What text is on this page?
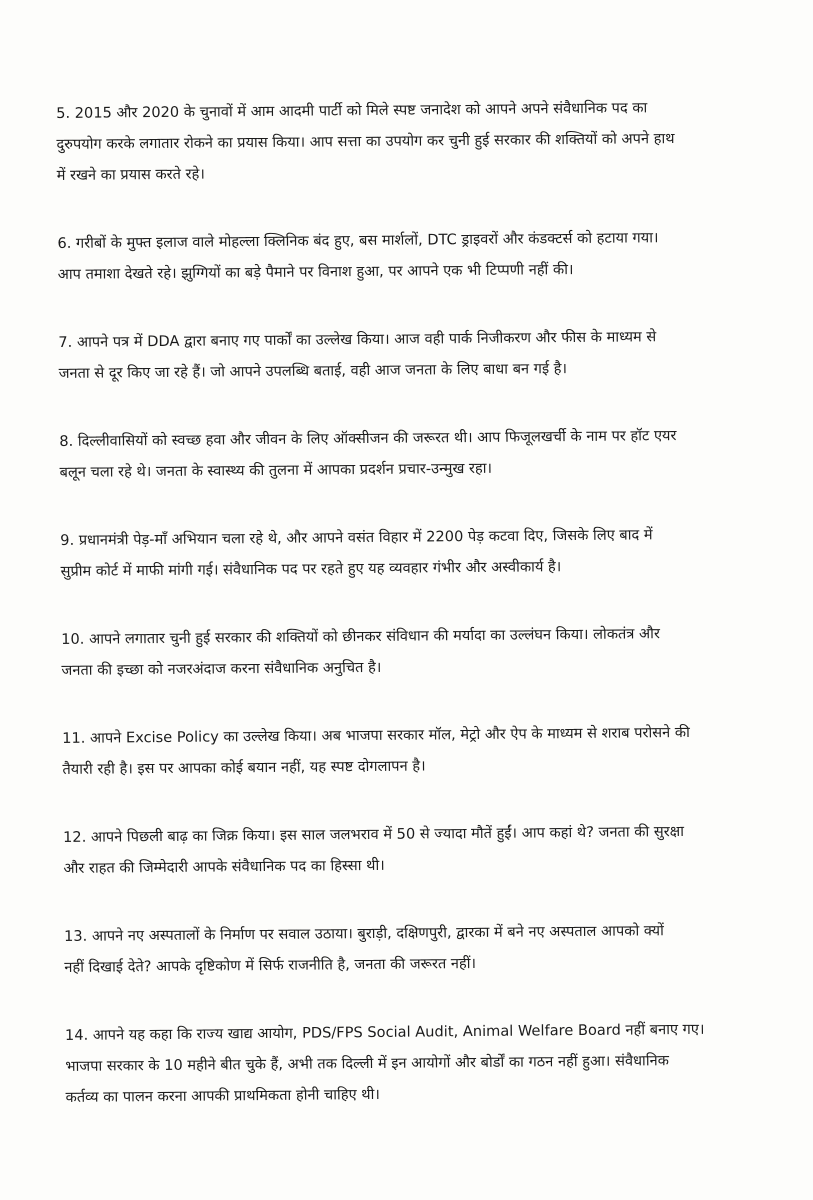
5. 2015 और 2020 के चुनावों में आम आदमी पार्टी को मिले स्पष्ट जनादेश को आपने अपने संवैधानिक पद का
दुरुपयोग करके लगातार रोकने का प्रयास किया। आप सत्ता का उपयोग कर चुनी हुई सरकार की शक्तियों को अपने हाथ
में रखने का प्रयास करते रहे।

6. गरीबों के मुफ्त इलाज वाले मोहल्ला क्लिनिक बंद हुए, बस मार्शलों, DTC ड्राइवरों और कंडक्टर्स को हटाया गया।
आप तमाशा देखते रहे। झुग्गियों का बड़े पैमाने पर विनाश हुआ, पर आपने एक भी टिप्पणी नहीं की।

7. आपने पत्र में DDA द्वारा बनाए गए पार्कों का उल्लेख किया। आज वही पार्क निजीकरण और फीस के माध्यम से
जनता से दूर किए जा रहे हैं। जो आपने उपलब्धि बताई, वही आज जनता के लिए बाधा बन गई है।

8. दिल्लीवासियों को स्वच्छ हवा और जीवन के लिए ऑक्सीजन की जरूरत थी। आप फिजूलखर्ची के नाम पर हॉट एयर
बलून चला रहे थे। जनता के स्वास्थ्य की तुलना में आपका प्रदर्शन प्रचार-उन्मुख रहा।

9. प्रधानमंत्री पेड़-माँ अभियान चला रहे थे, और आपने वसंत विहार में 2200 पेड़ कटवा दिए, जिसके लिए बाद में
सुप्रीम कोर्ट में माफी मांगी गई। संवैधानिक पद पर रहते हुए यह व्यवहार गंभीर और अस्वीकार्य है।

10. आपने लगातार चुनी हुई सरकार की शक्तियों को छीनकर संविधान की मर्यादा का उल्लंघन किया। लोकतंत्र और
जनता की इच्छा को नजरअंदाज करना संवैधानिक अनुचित है।

11. आपने Excise Policy का उल्लेख किया। अब भाजपा सरकार मॉल, मेट्रो और ऐप के माध्यम से शराब परोसने की
तैयारी रही है। इस पर आपका कोई बयान नहीं, यह स्पष्ट दोगलापन है।

12. आपने पिछली बाढ़ का जिक्र किया। इस साल जलभराव में 50 से ज्यादा मौतें हुईं। आप कहां थे? जनता की सुरक्षा
और राहत की जिम्मेदारी आपके संवैधानिक पद का हिस्सा थी।

13. आपने नए अस्पतालों के निर्माण पर सवाल उठाया। बुराड़ी, दक्षिणपुरी, द्वारका में बने नए अस्पताल आपको क्यों
नहीं दिखाई देते? आपके दृष्टिकोण में सिर्फ राजनीति है, जनता की जरूरत नहीं।

14. आपने यह कहा कि राज्य खाद्य आयोग, PDS/FPS Social Audit, Animal Welfare Board नहीं बनाए गए।
भाजपा सरकार के 10 महीने बीत चुके हैं, अभी तक दिल्ली में इन आयोगों और बोर्डों का गठन नहीं हुआ। संवैधानिक
कर्तव्य का पालन करना आपकी प्राथमिकता होनी चाहिए थी।
